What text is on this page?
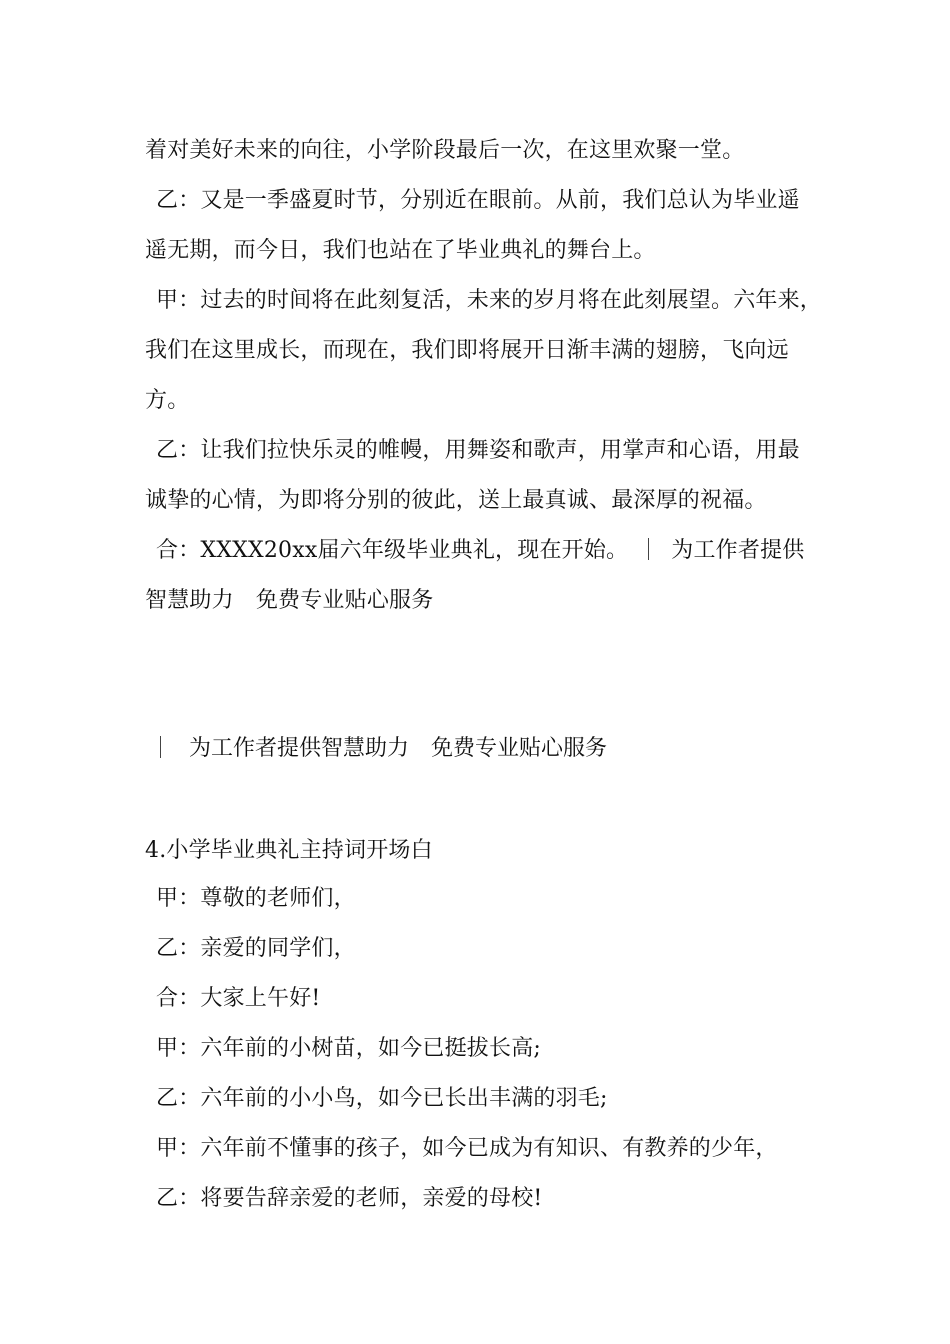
着对美好未来的向往，小学阶段最后一次，在这里欢聚一堂。
乙：又是一季盛夏时节，分别近在眼前。从前，我们总认为毕业遥
遥无期，而今日，我们也站在了毕业典礼的舞台上。
甲：过去的时间将在此刻复活，未来的岁月将在此刻展望。六年来，
我们在这里成长，而现在，我们即将展开日渐丰满的翅膀，飞向远
方。
乙：让我们拉快乐灵的帷幔，用舞姿和歌声，用掌声和心语，用最
诚挚的心情，为即将分别的彼此，送上最真诚、最深厚的祝福。
合：XXXX20xx届六年级毕业典礼，现在开始。 为工作者提供
智慧助力 免费专业贴心服务
为工作者提供智慧助力 免费专业贴心服务
4.小学毕业典礼主持词开场白
甲：尊敬的老师们，
乙：亲爱的同学们，
合：大家上午好!
甲：六年前的小树苗，如今已挺拔长高;
乙：六年前的小小鸟，如今已长出丰满的羽毛;
甲：六年前不懂事的孩子，如今已成为有知识、有教养的少年，
乙：将要告辞亲爱的老师，亲爱的母校!
